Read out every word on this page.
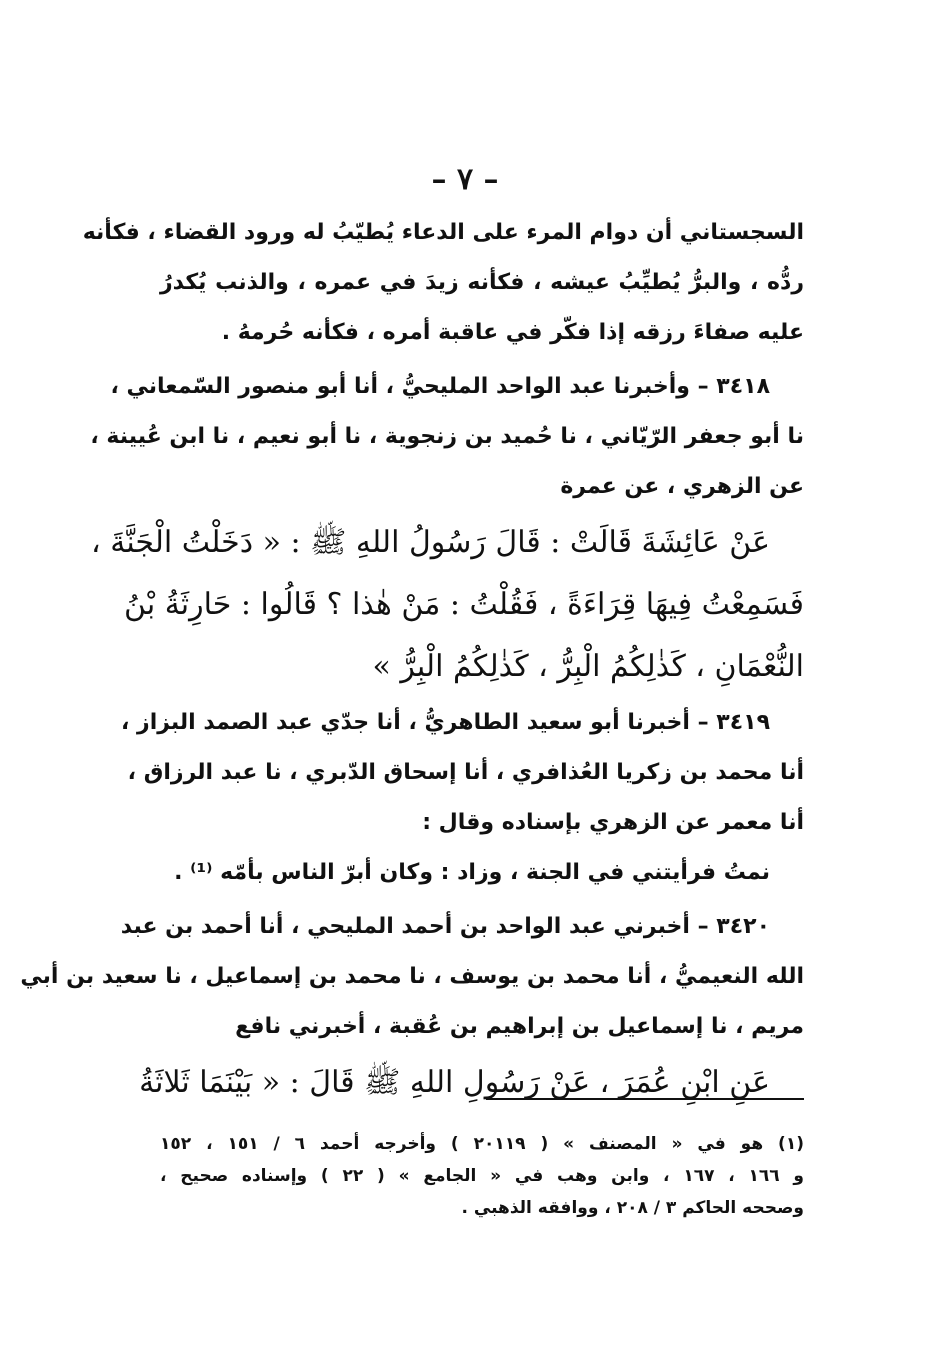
– ٧ –
السجستاني أن دوام المرء على الدعاء يُطيّبُ له ورود القضاء ، فكأنه
ردُّه ، والبرُّ يُطيِّبُ عيشه ، فكأنه زيدَ في عمره ، والذنب يُكدرُ
عليه صفاءَ رزقه إذا فكّر في عاقبة أمره ، فكأنه حُرمهُ .
٣٤١٨ – وأخبرنا عبد الواحد المليحيُّ ، أنا أبو منصور السّمعاني ،
نا أبو جعفر الرّيّاني ، نا حُميد بن زنجوية ، نا أبو نعيم ، نا ابن عُيينة ،
عن الزهري ، عن عمرة
عَنْ عَائِشَةَ قَالَتْ : قَالَ رَسُولُ اللهِ ﷺ : « دَخَلْتُ الْجَنَّةَ ،
فَسَمِعْتُ فِيهَا قِرَاءَةً ، فَقُلْتُ : مَنْ هٰذا ؟ قَالُوا : حَارِثَةُ بْنُ
النُّعْمَانِ ، كَذٰلِكُمُ الْبِرُّ ، كَذٰلِكُمُ الْبِرُّ »
٣٤١٩ – أخبرنا أبو سعيد الطاهريُّ ، أنا جدّي عبد الصمد البزاز ،
أنا محمد بن زكريا العُذافري ، أنا إسحاق الدّبري ، نا عبد الرزاق ،
أنا معمر عن الزهري بإسناده وقال :
نمتُ فرأيتني في الجنة ، وزاد : وكان أبرّ الناس بأمّه ⁽¹⁾ .
٣٤٢٠ – أخبرني عبد الواحد بن أحمد المليحي ، أنا أحمد بن عبد
الله النعيميُّ ، أنا محمد بن يوسف ، نا محمد بن إسماعيل ، نا سعيد بن أبي
مريم ، نا إسماعيل بن إبراهيم بن عُقبة ، أخبرني نافع
عَنِ ابْنِ عُمَرَ ، عَنْ رَسُولِ اللهِ ﷺ قَالَ : « بَيْنَمَا ثَلاثَةُ
(١) هو في « المصنف » ( ٢٠١١٩ ) وأخرجه أحمد ٦ / ١٥١ ، ١٥٢
و ١٦٦ ، ١٦٧ ، وابن وهب في « الجامع » ( ٢٢ ) وإسناده صحيح ،
وصححه الحاكم ٣ / ٢٠٨ ، ووافقه الذهبي .
